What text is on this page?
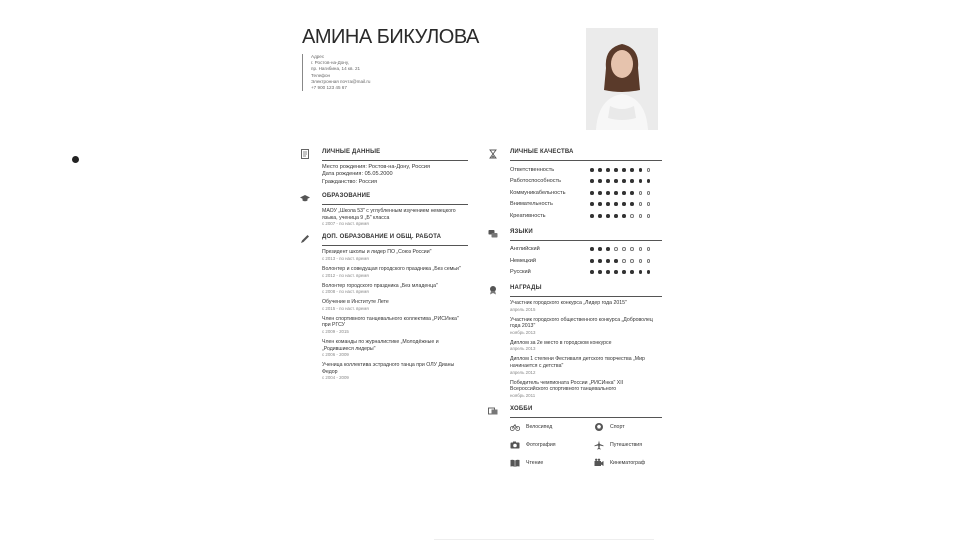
АМИНА БИКУЛОВА
Адрес
г. Ростов-на-Дону,
пр. Нагибина, 14 кв. 21
Телефон
Электронная почта@mail.ru
+7 900 123 45 67
ЛИЧНЫЕ ДАННЫЕ
Место рождения: Ростов-на-Дону, Россия
Дата рождения: 05.05.2000
Гражданство: Россия
ОБРАЗОВАНИЕ
МАОУ „Школа 53" с углубленным изучением немецкого языка, ученица 9 „Б" класса
с 2007 - по наст. время
ДОП. ОБРАЗОВАНИЕ И ОБЩ. РАБОТА
Президент школы и лидер ПО „Союз России"
с 2013 - по наст. время
Волонтер и соведущая городского праздника „Без семьи"
с 2012 - по наст. время
Волонтер городского праздника „Без младенца"
с 2008 - по наст. время
Обучение в Институте Лете
с 2015 - по наст. время
Член спортивного танцевального коллектива „РИСИнка" при РГСУ
с 2009 - 2015
Член команды по журналистике „Молодёжные и „Родившиеся лидеры"
с 2006 - 2009
Ученица коллектива эстрадного танца при ОЛУ Дианы Федор
с 2004 - 2009
ЛИЧНЫЕ КАЧЕСТВА
Ответственность
Работоспособность
Коммуникабельность
Внимательность
Креативность
ЯЗЫКИ
Английский
Немецкий
Русский
НАГРАДЫ
Участник городского конкурса „Лидер года 2015"
апрель 2015
Участник городского общественного конкурса „Доброволец года 2013"
ноябрь 2013
Диплом за 2е место в городском конкурсе
апрель 2013
Диплом 1 степени Фестиваля детского творчества „Мир начинается с детства"
апрель 2012
Победитель чемпионата России „РИСИнка" XII Всероссийского спортивного танцевального
ноябрь 2011
ХОББИ
Велосипед	Спорт
Фотография	Путешествия
Чтение	Кинематограф
